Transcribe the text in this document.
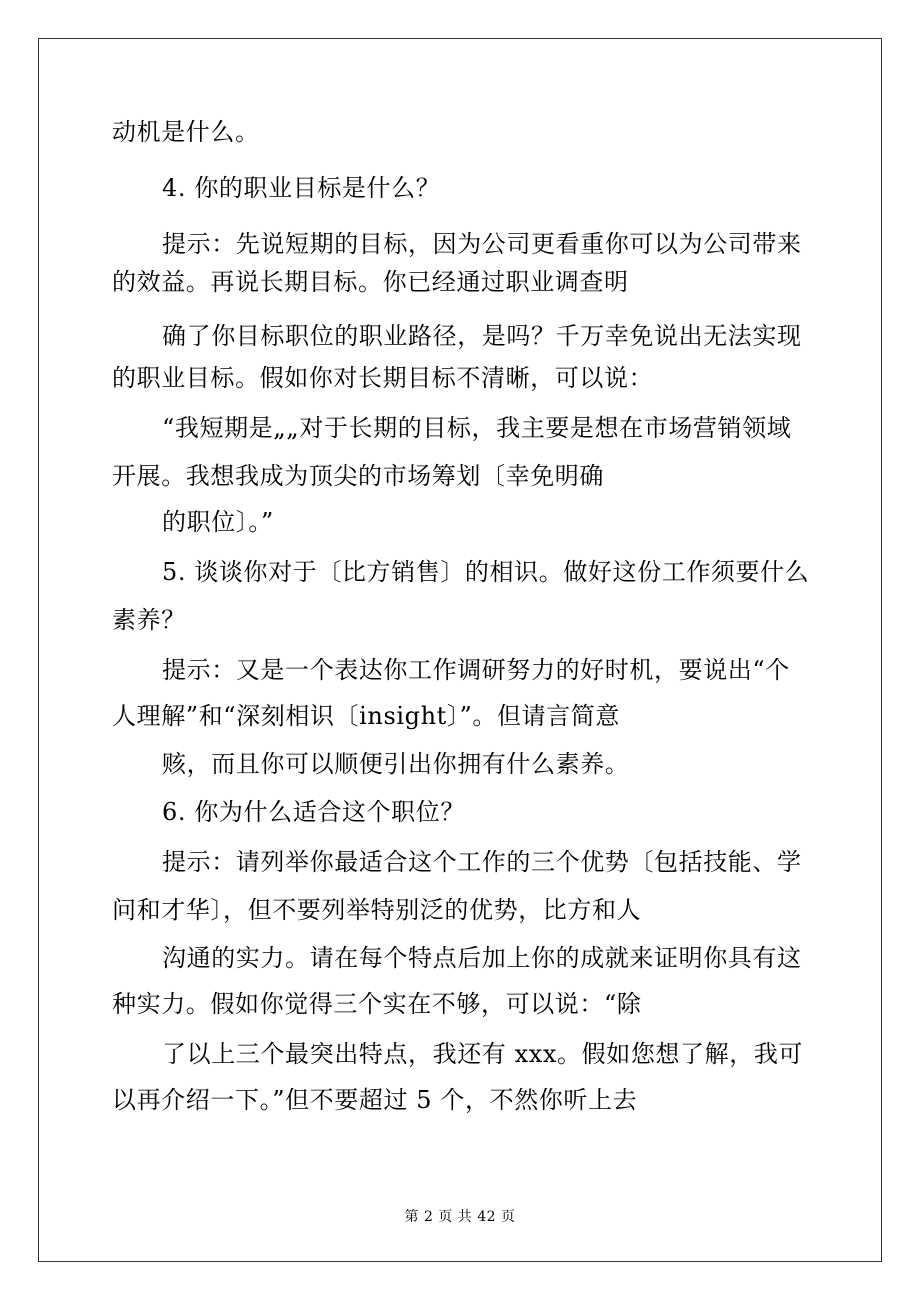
动机是什么。
4. 你的职业目标是什么？
提示：先说短期的目标，因为公司更看重你可以为公司带来
的效益。再说长期目标。你已经通过职业调查明
确了你目标职位的职业路径，是吗？千万幸免说出无法实现
的职业目标。假如你对长期目标不清晰，可以说：
“我短期是„„对于长期的目标，我主要是想在市场营销领域
开展。我想我成为顶尖的市场筹划〔幸免明确
的职位〕。”
5. 谈谈你对于〔比方销售〕的相识。做好这份工作须要什么
素养？
提示：又是一个表达你工作调研努力的好时机，要说出“个
人理解”和“深刻相识〔insight〕”。但请言简意
赅，而且你可以顺便引出你拥有什么素养。
6. 你为什么适合这个职位？
提示：请列举你最适合这个工作的三个优势〔包括技能、学
问和才华〕，但不要列举特别泛的优势，比方和人
沟通的实力。请在每个特点后加上你的成就来证明你具有这
种实力。假如你觉得三个实在不够，可以说：“除
了以上三个最突出特点，我还有 xxx。假如您想了解，我可
以再介绍一下。”但不要超过 5 个，不然你听上去
第 2 页 共 42 页
